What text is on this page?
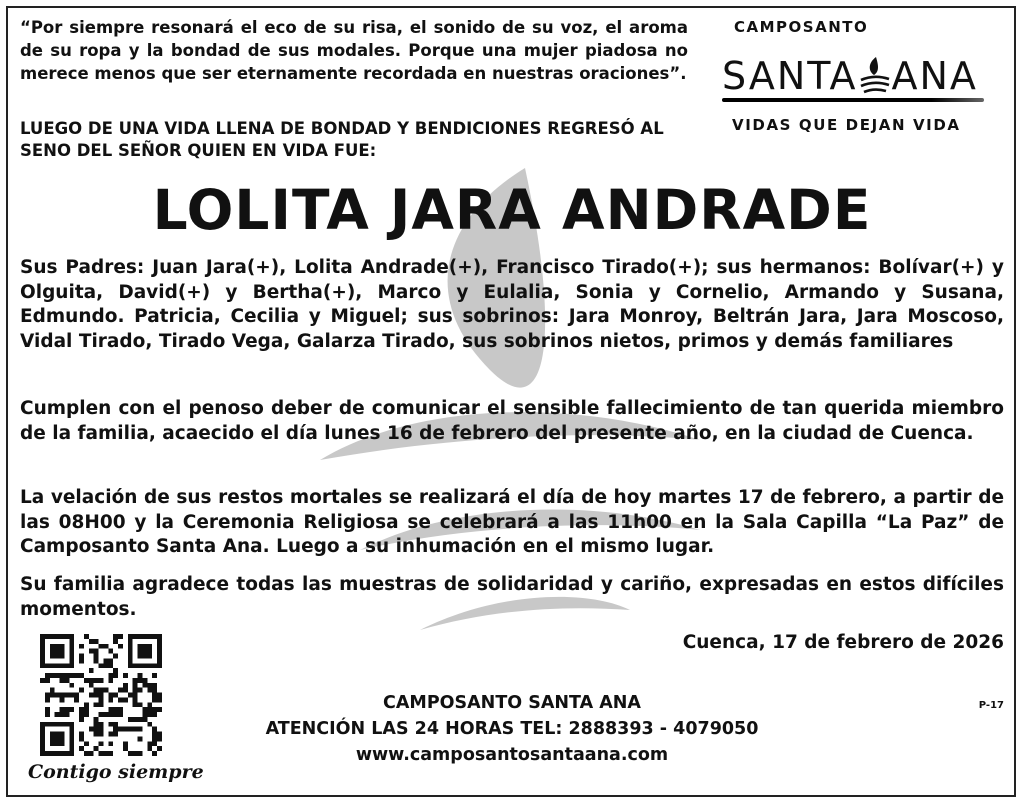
“Por siempre resonará el eco de su risa, el sonido de su voz, el aroma de su ropa y la bondad de sus modales. Porque una mujer piadosa no merece menos que ser eternamente recordada en nuestras oraciones”.
LUEGO DE UNA VIDA LLENA DE BONDAD Y BENDICIONES REGRESÓ AL SENO DEL SEÑOR QUIEN EN VIDA FUE:
CAMPOSANTO
SANTA ANA
VIDAS QUE DEJAN VIDA
LOLITA JARA ANDRADE

Sus Padres: Juan Jara(+), Lolita Andrade(+), Francisco Tirado(+); sus hermanos: Bolívar(+) y Olguita, David(+) y Bertha(+), Marco y Eulalia, Sonia y Cornelio, Armando y Susana, Edmundo. Patricia, Cecilia y Miguel; sus sobrinos: Jara Monroy, Beltrán Jara, Jara Moscoso, Vidal Tirado, Tirado Vega, Galarza Tirado, sus sobrinos nietos, primos y demás familiares

Cumplen con el penoso deber de comunicar el sensible fallecimiento de tan querida miembro de la familia, acaecido el día lunes 16 de febrero del presente año, en la ciudad de Cuenca.

La velación de sus restos mortales se realizará el día de hoy martes 17 de febrero, a partir de las 08H00 y la Ceremonia Religiosa se celebrará a las 11h00 en la Sala Capilla “La Paz” de Camposanto Santa Ana. Luego a su inhumación en el mismo lugar.

Su familia agradece todas las muestras de solidaridad y cariño, expresadas en estos difíciles momentos.

Cuenca, 17 de febrero de 2026
Contigo siempre
CAMPOSANTO SANTA ANA
ATENCIÓN LAS 24 HORAS TEL: 2888393 - 4079050
www.camposantosantaana.com
P-17
